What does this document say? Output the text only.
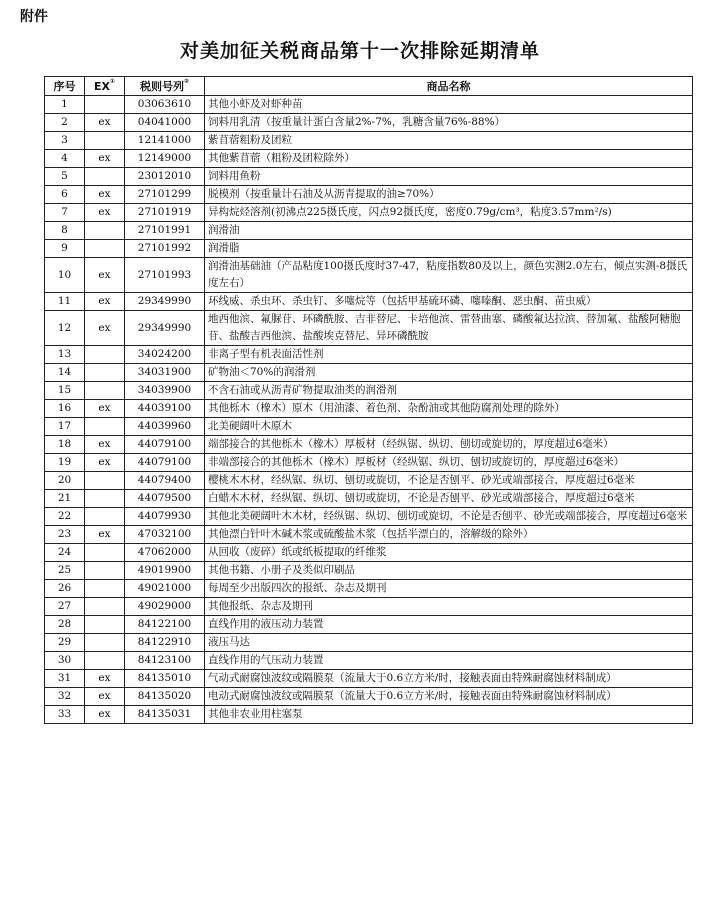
附件
对美加征关税商品第十一次排除延期清单
序号	EX①	税则号列②	商品名称
1		03063610	其他小虾及对虾种苗
2	ex	04041000	饲料用乳清（按重量计蛋白含量2%-7%，乳糖含量76%-88%）
3		12141000	紫苜蓿粗粉及团粒
4	ex	12149000	其他紫苜蓿（粗粉及团粒除外）
5		23012010	饲料用鱼粉
6	ex	27101299	脱模剂（按重量计石油及从沥青提取的油≥70%）
7	ex	27101919	异构烷烃溶剂(初沸点225摄氏度，闪点92摄氏度，密度0.79g/cm³，粘度3.57mm²/s)
8		27101991	润滑油
9		27101992	润滑脂
10	ex	27101993	润滑油基础油（产品粘度100摄氏度时37-47，粘度指数80及以上，颜色实测2.0左右，倾点实测-8摄氏度左右）
11	ex	29349990	环线威、杀虫环、杀虫钉、多噻烷等（包括甲基硫环磷、噻嗪酮、恶虫酮、苗虫威）
12	ex	29349990	地西他滨、氟脲苷、环磷酰胺、吉非替尼、卡培他滨、雷替曲塞、磷酸氟达拉滨、替加氟、盐酸阿糖胞苷、盐酸吉西他滨、盐酸埃克替尼、异环磷酰胺
13		34024200	非离子型有机表面活性剂
14		34031900	矿物油＜70%的润滑剂
15		34039900	不含石油或从沥青矿物提取油类的润滑剂
16	ex	44039100	其他栎木（橡木）原木（用油漆、着色剂、杂酚油或其他防腐剂处理的除外）
17		44039960	北美硬阔叶木原木
18	ex	44079100	端部接合的其他栎木（橡木）厚板材（经纵锯、纵切、刨切或旋切的，厚度超过6毫米）
19	ex	44079100	非端部接合的其他栎木（橡木）厚板材（经纵锯、纵切、刨切或旋切的，厚度超过6毫米）
20		44079400	樱桃木木材，经纵锯、纵切、刨切或旋切，不论是否刨平、砂光或端部接合，厚度超过6毫米
21		44079500	白蜡木木材，经纵锯、纵切、刨切或旋切，不论是否刨平、砂光或端部接合，厚度超过6毫米
22		44079930	其他北美硬阔叶木木材，经纵锯、纵切、刨切或旋切，不论是否刨平、砂光或端部接合，厚度超过6毫米
23	ex	47032100	其他漂白针叶木碱木浆或硫酸盐木浆（包括半漂白的，溶解级的除外）
24		47062000	从回收（废碎）纸或纸板提取的纤维浆
25		49019900	其他书籍、小册子及类似印刷品
26		49021000	每周至少出版四次的报纸、杂志及期刊
27		49029000	其他报纸、杂志及期刊
28		84122100	直线作用的液压动力装置
29		84122910	液压马达
30		84123100	直线作用的气压动力装置
31	ex	84135010	气动式耐腐蚀波纹或隔膜泵（流量大于0.6立方米/时，接触表面由特殊耐腐蚀材料制成）
32	ex	84135020	电动式耐腐蚀波纹或隔膜泵（流量大于0.6立方米/时，接触表面由特殊耐腐蚀材料制成）
33	ex	84135031	其他非农业用柱塞泵
